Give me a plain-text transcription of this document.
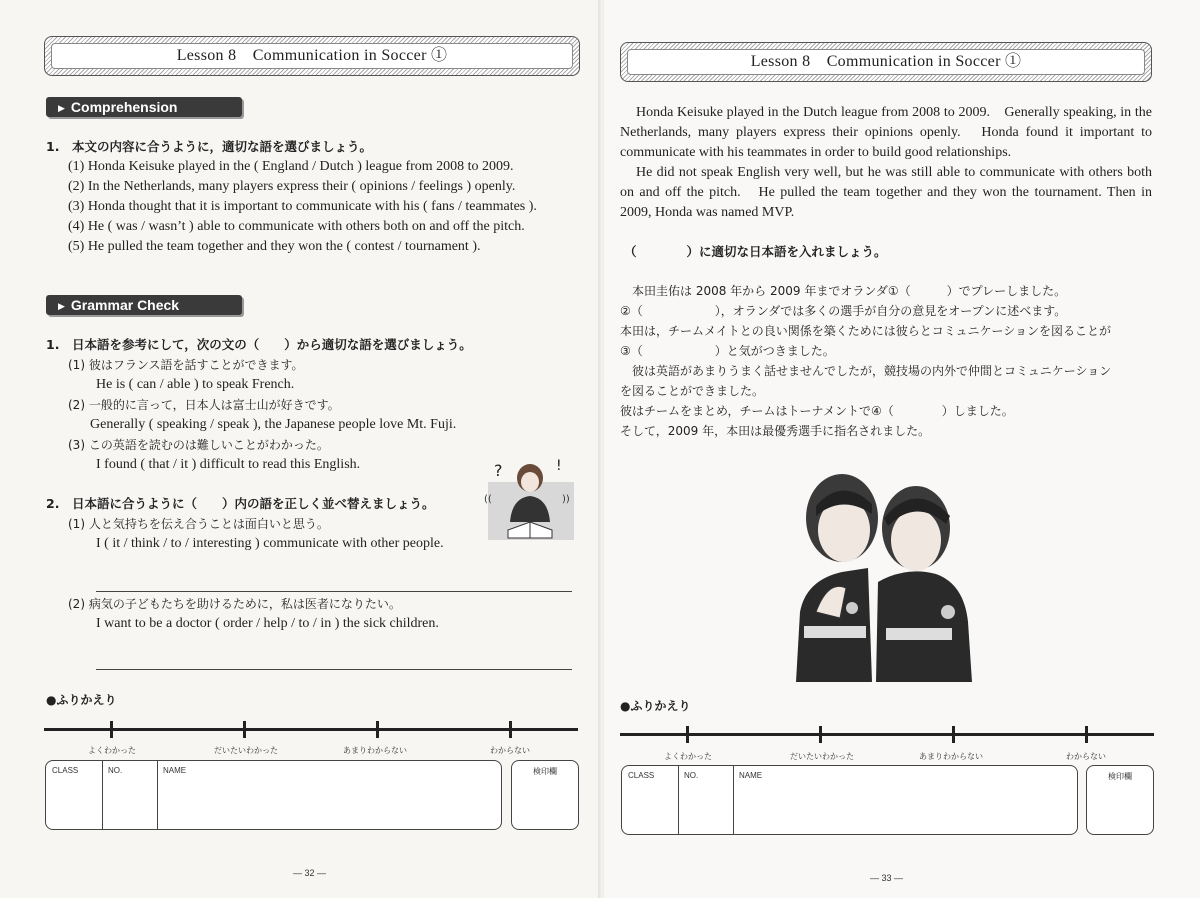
Lesson 8　Communication in Soccer ①
▶ Comprehension
1.　本文の内容に合うように，適切な語を選びましょう。
(1) Honda Keisuke played in the ( England / Dutch ) league from 2008 to 2009.
(2) In the Netherlands, many players express their ( opinions / feelings ) openly.
(3) Honda thought that it is important to communicate with his ( fans / teammates ).
(4) He ( was / wasn’t ) able to communicate with others both on and off the pitch.
(5) He pulled the team together and they won the ( contest / tournament ).
▶ Grammar Check
1.　日本語を参考にして，次の文の（　　）から適切な語を選びましょう。
(1) 彼はフランス語を話すことができます。
He is ( can / able ) to speak French.
(2) 一般的に言って，日本人は富士山が好きです。
Generally ( speaking / speak ), the Japanese people love Mt. Fuji.
(3) この英語を読むのは難しいことがわかった。
I found ( that / it ) difficult to read this English.	?	!
((	))
2.　日本語に合うように（　　）内の語を正しく並べ替えましょう。
(1) 人と気持ちを伝え合うことは面白いと思う。
I ( it / think / to / interesting ) communicate with other people.
(2) 病気の子どもたちを助けるために，私は医者になりたい。
I want to be a doctor ( order / help / to / in ) the sick children.
●ふりかえり
よくわかった	だいたいわかった	あまりわからない	わからない
CLASS	NO.	NAME	検印欄
— 32 —
Lesson 8　Communication in Soccer ①
Honda Keisuke played in the Dutch league from 2008 to 2009.　Generally speaking, in the Netherlands, many players express their opinions openly.　Honda found it important to communicate with his teammates in order to build good relationships.
He did not speak English very well, but he was still able to communicate with others both on and off the pitch.　He pulled the team together and they won the tournament. Then in 2009, Honda was named MVP.
（　　　　）に適切な日本語を入れましょう。
　本田圭佑は 2008 年から 2009 年までオランダ①（　　　）でプレーしました。
②（　　　　　　），オランダでは多くの選手が自分の意見をオープンに述べます。
本田は，チームメイトとの良い関係を築くためには彼らとコミュニケーションを図ることが
③（　　　　　　）と気がつきました。
　彼は英語があまりうまく話せませんでしたが，競技場の内外で仲間とコミュニケーション
を図ることができました。
彼はチームをまとめ，チームはトーナメントで④（　　　　）しました。
そして，2009 年，本田は最優秀選手に指名されました。
●ふりかえり
よくわかった	だいたいわかった	あまりわからない	わからない
CLASS	NO.	NAME	検印欄
— 33 —
